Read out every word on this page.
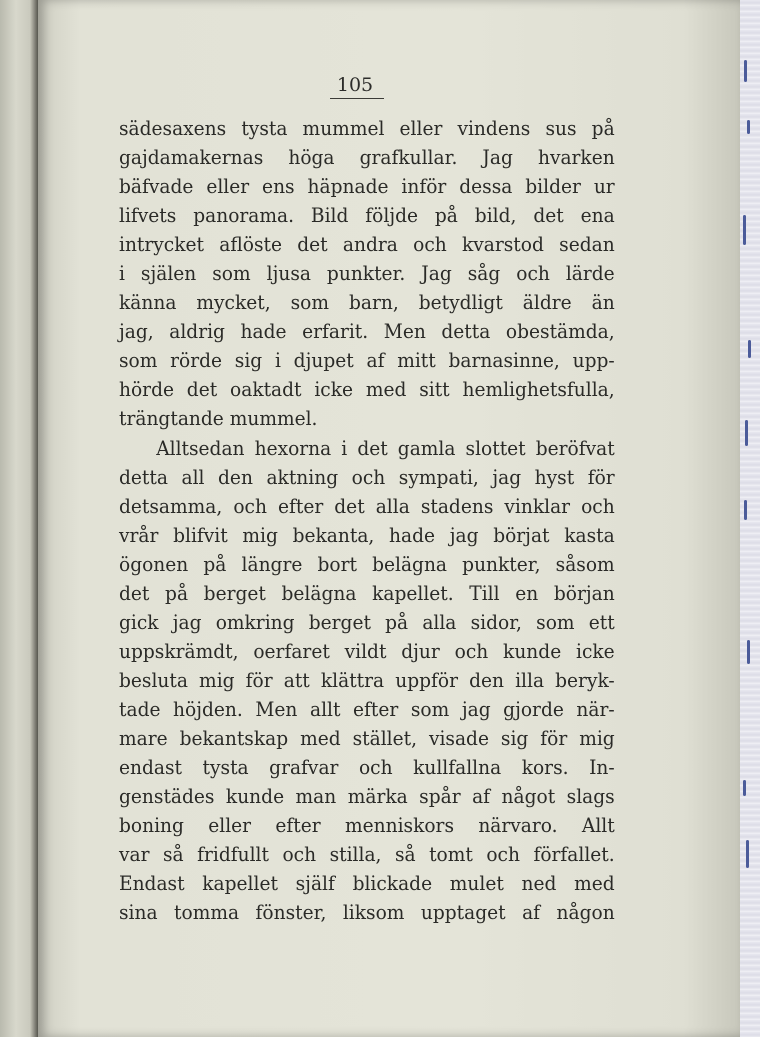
105
sädesaxens tysta mummel eller vindens sus på
gajdamakernas höga grafkullar. Jag hvarken
bäfvade eller ens häpnade inför dessa bilder ur
lifvets panorama. Bild följde på bild, det ena
intrycket aflöste det andra och kvarstod sedan
i själen som ljusa punkter. Jag såg och lärde
känna mycket, som barn, betydligt äldre än
jag, aldrig hade erfarit. Men detta obestämda,
som rörde sig i djupet af mitt barnasinne, upp-
hörde det oaktadt icke med sitt hemlighetsfulla,
trängtande mummel.
Alltsedan hexorna i det gamla slottet beröfvat
detta all den aktning och sympati, jag hyst för
detsamma, och efter det alla stadens vinklar och
vrår blifvit mig bekanta, hade jag börjat kasta
ögonen på längre bort belägna punkter, såsom
det på berget belägna kapellet. Till en början
gick jag omkring berget på alla sidor, som ett
uppskrämdt, oerfaret vildt djur och kunde icke
besluta mig för att klättra uppför den illa beryk-
tade höjden. Men allt efter som jag gjorde när-
mare bekantskap med stället, visade sig för mig
endast tysta grafvar och kullfallna kors. In-
genstädes kunde man märka spår af något slags
boning eller efter menniskors närvaro. Allt
var så fridfullt och stilla, så tomt och förfallet.
Endast kapellet själf blickade mulet ned med
sina tomma fönster, liksom upptaget af någon
